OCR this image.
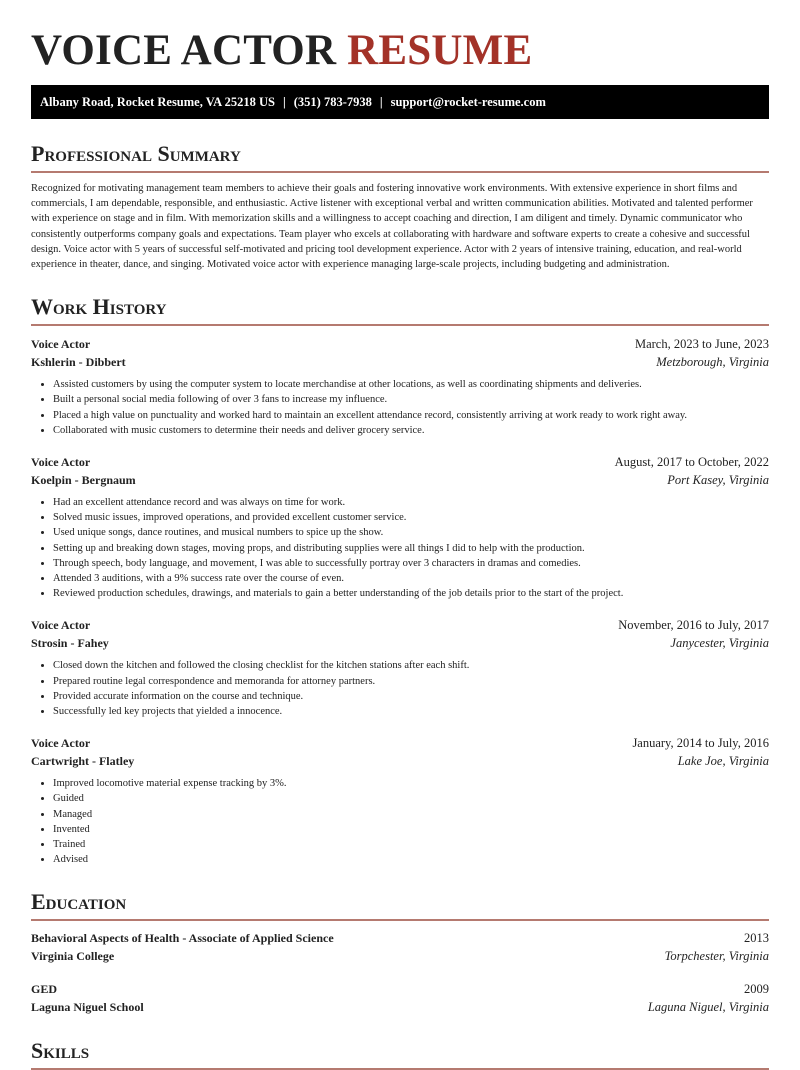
VOICE ACTOR RESUME
Albany Road, Rocket Resume, VA 25218 US | (351) 783-7938 | support@rocket-resume.com
Professional Summary
Recognized for motivating management team members to achieve their goals and fostering innovative work environments. With extensive experience in short films and commercials, I am dependable, responsible, and enthusiastic. Active listener with exceptional verbal and written communication abilities. Motivated and talented performer with experience on stage and in film. With memorization skills and a willingness to accept coaching and direction, I am diligent and timely. Dynamic communicator who consistently outperforms company goals and expectations. Team player who excels at collaborating with hardware and software experts to create a cohesive and successful design. Voice actor with 5 years of successful self-motivated and pricing tool development experience. Actor with 2 years of intensive training, education, and real-world experience in theater, dance, and singing. Motivated voice actor with experience managing large-scale projects, including budgeting and administration.
Work History
Voice Actor	March, 2023 to June, 2023
Kshlerin - Dibbert	Metzborough, Virginia
• Assisted customers by using the computer system to locate merchandise at other locations, as well as coordinating shipments and deliveries.
• Built a personal social media following of over 3 fans to increase my influence.
• Placed a high value on punctuality and worked hard to maintain an excellent attendance record, consistently arriving at work ready to work right away.
• Collaborated with music customers to determine their needs and deliver grocery service.
Voice Actor	August, 2017 to October, 2022
Koelpin - Bergnaum	Port Kasey, Virginia
• Had an excellent attendance record and was always on time for work.
• Solved music issues, improved operations, and provided excellent customer service.
• Used unique songs, dance routines, and musical numbers to spice up the show.
• Setting up and breaking down stages, moving props, and distributing supplies were all things I did to help with the production.
• Through speech, body language, and movement, I was able to successfully portray over 3 characters in dramas and comedies.
• Attended 3 auditions, with a 9% success rate over the course of even.
• Reviewed production schedules, drawings, and materials to gain a better understanding of the job details prior to the start of the project.
Voice Actor	November, 2016 to July, 2017
Strosin - Fahey	Janycester, Virginia
• Closed down the kitchen and followed the closing checklist for the kitchen stations after each shift.
• Prepared routine legal correspondence and memoranda for attorney partners.
• Provided accurate information on the course and technique.
• Successfully led key projects that yielded a innocence.
Voice Actor	January, 2014 to July, 2016
Cartwright - Flatley	Lake Joe, Virginia
• Improved locomotive material expense tracking by 3%.
• Guided
• Managed
• Invented
• Trained
• Advised
Education
Behavioral Aspects of Health - Associate of Applied Science	2013
Virginia College	Torpchester, Virginia
GED	2009
Laguna Niguel School	Laguna Niguel, Virginia
Skills
